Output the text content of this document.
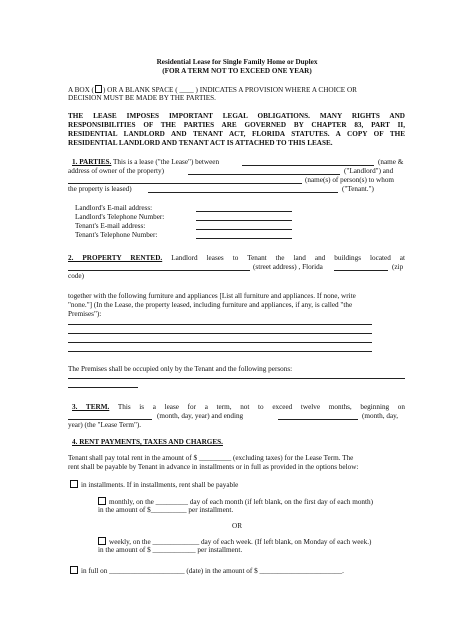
Residential Lease for Single Family Home or Duplex
(FOR A TERM NOT TO EXCEED ONE YEAR)
A BOX ( ) OR A BLANK SPACE ( ____ ) INDICATES A PROVISION WHERE A CHOICE OR
DECISION MUST BE MADE BY THE PARTIES.
THE LEASE IMPOSES IMPORTANT LEGAL OBLIGATIONS. MANY RIGHTS AND
RESPONSIBILITIES OF THE PARTIES ARE GOVERNED BY CHAPTER 83, PART II,
RESIDENTIAL LANDLORD AND TENANT ACT, FLORIDA STATUTES. A COPY OF THE
RESIDENTIAL LANDLORD AND TENANT ACT IS ATTACHED TO THIS LEASE.
1. PARTIES. This is a lease ("the Lease") between	(name &
address of owner of the property)	("Landlord") and
(name(s) of person(s) to whom
the property is leased)	("Tenant.")
Landlord's E-mail address:
Landlord's Telephone Number:
Tenant's E-mail address:
Tenant's Telephone Number:
2. PROPERTY RENTED. Landlord leases to Tenant the land and buildings located at
(street address) , Florida	(zip
code)
together with the following furniture and appliances [List all furniture and appliances. If none, write
"none."] (In the Lease, the property leased, including furniture and appliances, if any, is called "the
Premises"):
The Premises shall be occupied only by the Tenant and the following persons:
3. TERM. This is a lease for a term, not to exceed twelve months, beginning on
(month, day, year) and ending	(month, day,
year) (the "Lease Term").
4. RENT PAYMENTS, TAXES AND CHARGES.
Tenant shall pay total rent in the amount of $ _________ (excluding taxes) for the Lease Term. The
rent shall be payable by Tenant in advance in installments or in full as provided in the options below:
in installments. If in installments, rent shall be payable
monthly, on the _________ day of each month (if left blank, on the first day of each month)
in the amount of $__________ per installment.
OR
weekly, on the _____________ day of each week. (If left blank, on Monday of each week.)
in the amount of $ ____________ per installment.
in full on _____________________ (date) in the amount of $ _______________________.
